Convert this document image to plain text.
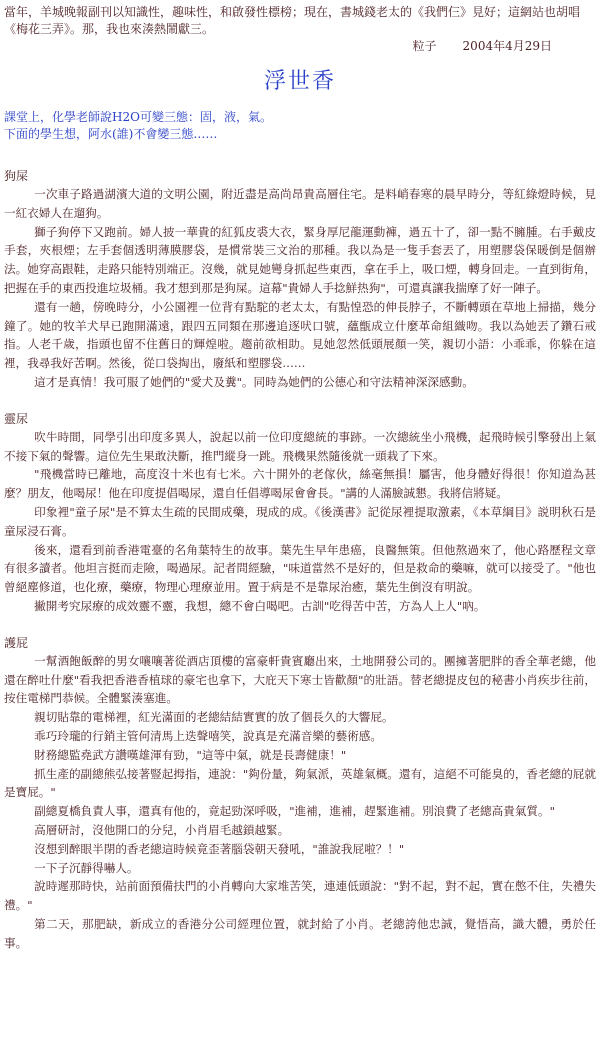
當年，羊城晚報副刊以知識性，趣味性，和啟發性標榜；現在，書城錢老太的《我們仨》見好；這網站也胡唱《梅花三弄》。那，我也來湊熱鬧獻三。
粒子 2004年4月29日
浮世香
課堂上，化學老師說H2O可變三態：固，液，氣。
下面的學生想，阿水(誰)不會變三態……
狗屎

一次車子路過湖濱大道的文明公園，附近盡是高尚昂貴高層住宅。是料峭春寒的晨早時分，等紅綠燈時候，見一紅衣婦人在遛狗。

獅子狗停下又跑前。婦人披一華貴的紅狐皮裘大衣，緊身厚尼龍運動褲，過五十了，卻一點不臃腫。右手戴皮手套，夾根煙；左手套個透明薄膜膠袋，是慣常裝三文治的那種。我以為是一隻手套丟了，用塑膠袋保暖倒是個辦法。她穿高跟鞋，走路只能特別端正。沒幾，就見她彎身抓起些東西，拿在手上，吸口煙，轉身回走。一直到街角，把握在手的東西投進垃圾桶。我才想到那是狗屎。這幕"貴婦人手捻鮮热狗"，可還真讓我揣摩了好一陣子。

還有一趟，傍晚時分，小公園裡一位背有點駝的老太太，有點惶恐的伸長脖子，不斷轉頭在草地上掃描，幾分鐘了。她的牧羊犬早已跑開滿遠，跟四五同類在那邊追逐吠口號，蘊甑成立什麼革命組織吻。我以為她丟了鑽石戒指。人老千歲，指頭也留不住舊日的輝煌啦。趨前欲相助。見她忽然低頭展顏一笑，親切小語：小乖乖，你躲在這裡，我尋我好苦啊。然後，從口袋掏出，廢紙和塑膠袋……

這才是真情！我可服了她們的"愛犬及糞"。同時為她們的公德心和守法精神深深感動。

靈尿

吹牛時間，同學引出印度多異人，說起以前一位印度總統的事跡。一次總統坐小飛機，起飛時候引擎發出上氣不接下氣的聲響。這位先生果敢決斷，推門縱身一跳。飛機果然隨後就一頭栽了下來。

"飛機當時已離地，高度沒十米也有七米。六十開外的老傢伙，絲毫無損！屬害，他身體好得很！你知道為甚麼？朋友，他喝尿！他在印度提倡喝尿，還自任倡導喝尿會會長。"講的人滿臉誠懇。我將信將疑。

印象裡"童子尿"是不算太生疏的民間成藥，現成的成。《後漢書》記從尿裡提取激素，《本草綱目》説明秋石是童尿浸石膏。

後來，還看到前香港電臺的名角葉特生的故事。葉先生早年患癌，良醫無策。但他熬過來了，他心路歷程文章有很多讀者。他坦言挺而走險，喝過尿。記者問經驗，"味道當然不是好的，但是救命的藥嘛，就可以接受了。"他也曾絕塵修道，也化療，藥療，物理心理療並用。置于病是不是靠尿治癒，葉先生倒沒有明說。

撇開考究尿療的成效靈不靈，我想，總不會白喝吧。古訓"吃得苦中苦，方為人上人"吶。

護屁

一幫酒飽飯醉的男女嚷嚷著從酒店頂樓的富豪軒貴賓廳出來，土地開發公司的。團擁著肥胖的香全華老總，他還在醉吐什麼"看我把香港香植球的豪宅也拿下，大庇天下寒士皆歡顏"的壯語。替老總提皮包的秘書小肖疾步往前，按住電梯門恭候。全體緊湊塞進。

親切貼靠的電梯裡，紅光滿面的老總結結實實的放了個長久的大響屁。

乖巧玲瓏的行銷主管何清馬上迭聲嘻笑，說真是充滿音樂的藝術感。

財務總監堯武方讚嘆雄渾有勁，"這等中氣，就是長壽健康！"

抓生產的副總熊弘接著豎起拇指，連說："夠份量，夠氣派，英雄氣概。還有，這絕不可能臭的，香老總的屁就是寶屁。"

副總夏橋負責人事，還真有他的，竟起勁深呼吸，"進補，進補，趕緊進補。別浪費了老總高貴氣質。"

高層研討，沒他開口的分兒，小肖眉毛越鎖越緊。

沒想到醉眼半閉的香老總這時候竟歪著腦袋朝天發吼，"誰說我屁啦？！"

一下子沉靜得嚇人。

說時遲那時快，站前面預備扶門的小肖轉向大家堆苦笑，連連低頭說："對不起，對不起，實在憋不住，失禮失禮。"

第二天，那肥缺，新成立的香港分公司經理位置，就封給了小肖。老總誇他忠誠，覺悟高，識大體，勇於任事。
